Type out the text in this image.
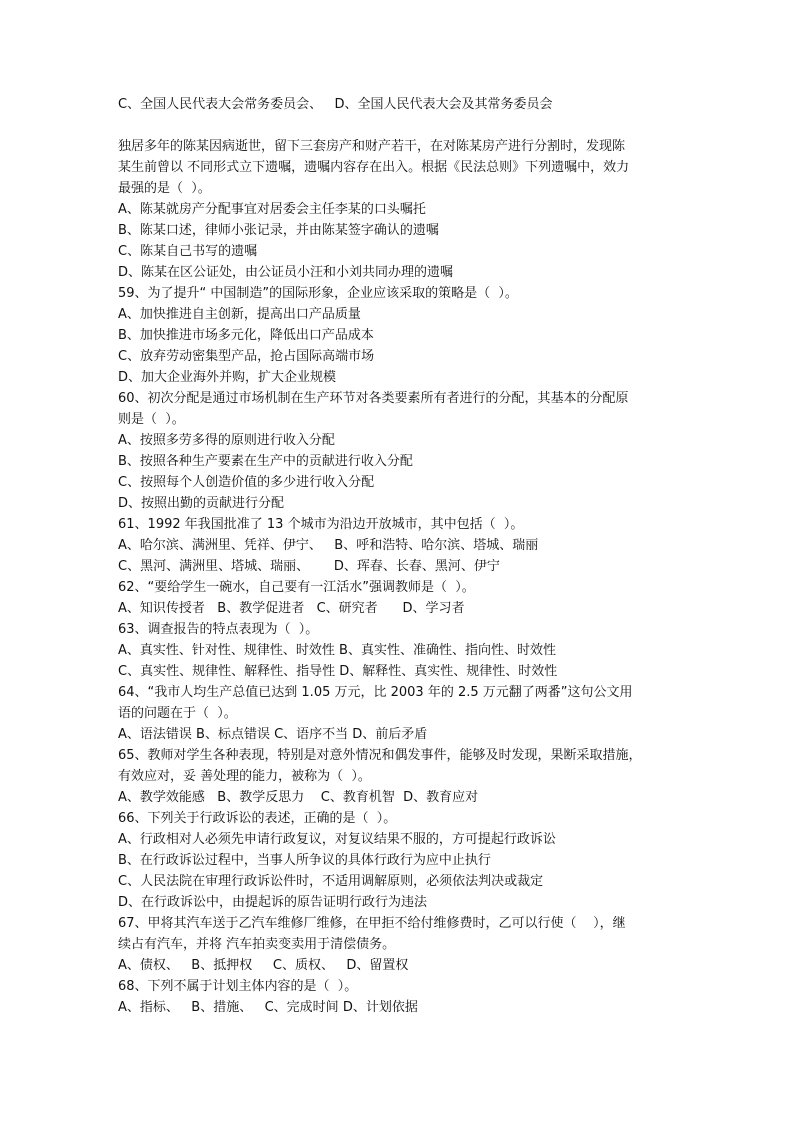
C、全国人民代表大会常务委员会、   D、全国人民代表大会及其常务委员会
独居多年的陈某因病逝世，留下三套房产和财产若干，在对陈某房产进行分割时，发现陈
某生前曾以 不同形式立下遗嘱，遗嘱内容存在出入。根据《民法总则》下列遗嘱中，效力
最强的是（  ）。
A、陈某就房产分配事宜对居委会主任李某的口头嘱托
B、陈某口述，律师小张记录，并由陈某签字确认的遗嘱
C、陈某自己书写的遗嘱
D、陈某在区公证处，由公证员小汪和小刘共同办理的遗嘱
59、为了提升“ 中国制造”的国际形象，企业应该采取的策略是（  ）。
A、加快推进自主创新，提高出口产品质量
B、加快推进市场多元化，降低出口产品成本
C、放弃劳动密集型产品，抢占国际高端市场
D、加大企业海外并购，扩大企业规模
60、初次分配是通过市场机制在生产环节对各类要素所有者进行的分配，其基本的分配原
则是（  ）。
A、按照多劳多得的原则进行收入分配
B、按照各种生产要素在生产中的贡献进行收入分配
C、按照每个人创造价值的多少进行收入分配
D、按照出勤的贡献进行分配
61、1992 年我国批准了 13 个城市为沿边开放城市，其中包括（  ）。
A、哈尔滨、满洲里、凭祥、伊宁、   B、呼和浩特、哈尔滨、塔城、瑞丽
C、黑河、满洲里、塔城、瑞丽、      D、珲春、长春、黑河、伊宁
62、“要给学生一碗水，自己要有一江活水”强调教师是（  ）。
A、知识传授者   B、教学促进者   C、研究者      D、学习者
63、调查报告的特点表现为（  ）。
A、真实性、针对性、规律性、时效性 B、真实性、准确性、指向性、时效性
C、真实性、规律性、解释性、指导性 D、解释性、真实性、规律性、时效性
64、“我市人均生产总值已达到 1.05 万元，比 2003 年的 2.5 万元翻了两番”这句公文用
语的问题在于（  ）。
A、语法错误 B、标点错误 C、语序不当 D、前后矛盾
65、教师对学生各种表现，特别是对意外情况和偶发事件，能够及时发现，果断采取措施，
有效应对，妥 善处理的能力，被称为（  ）。
A、教学效能感   B、教学反思力    C、教育机智  D、教育应对
66、下列关于行政诉讼的表述，正确的是（  ）。
A、行政相对人必须先申请行政复议，对复议结果不服的，方可提起行政诉讼
B、在行政诉讼过程中，当事人所争议的具体行政行为应中止执行
C、人民法院在审理行政诉讼件时，不适用调解原则，必须依法判决或裁定
D、在行政诉讼中，由提起诉的原告证明行政行为违法
67、甲将其汽车送于乙汽车维修厂维修，在甲拒不给付维修费时，乙可以行使（    ），继
续占有汽车，并将 汽车拍卖变卖用于清偿债务。
A、债权、   B、抵押权     C、质权、   D、留置权
68、下列不属于计划主体内容的是（  ）。
A、指标、   B、措施、   C、完成时间 D、计划依据
